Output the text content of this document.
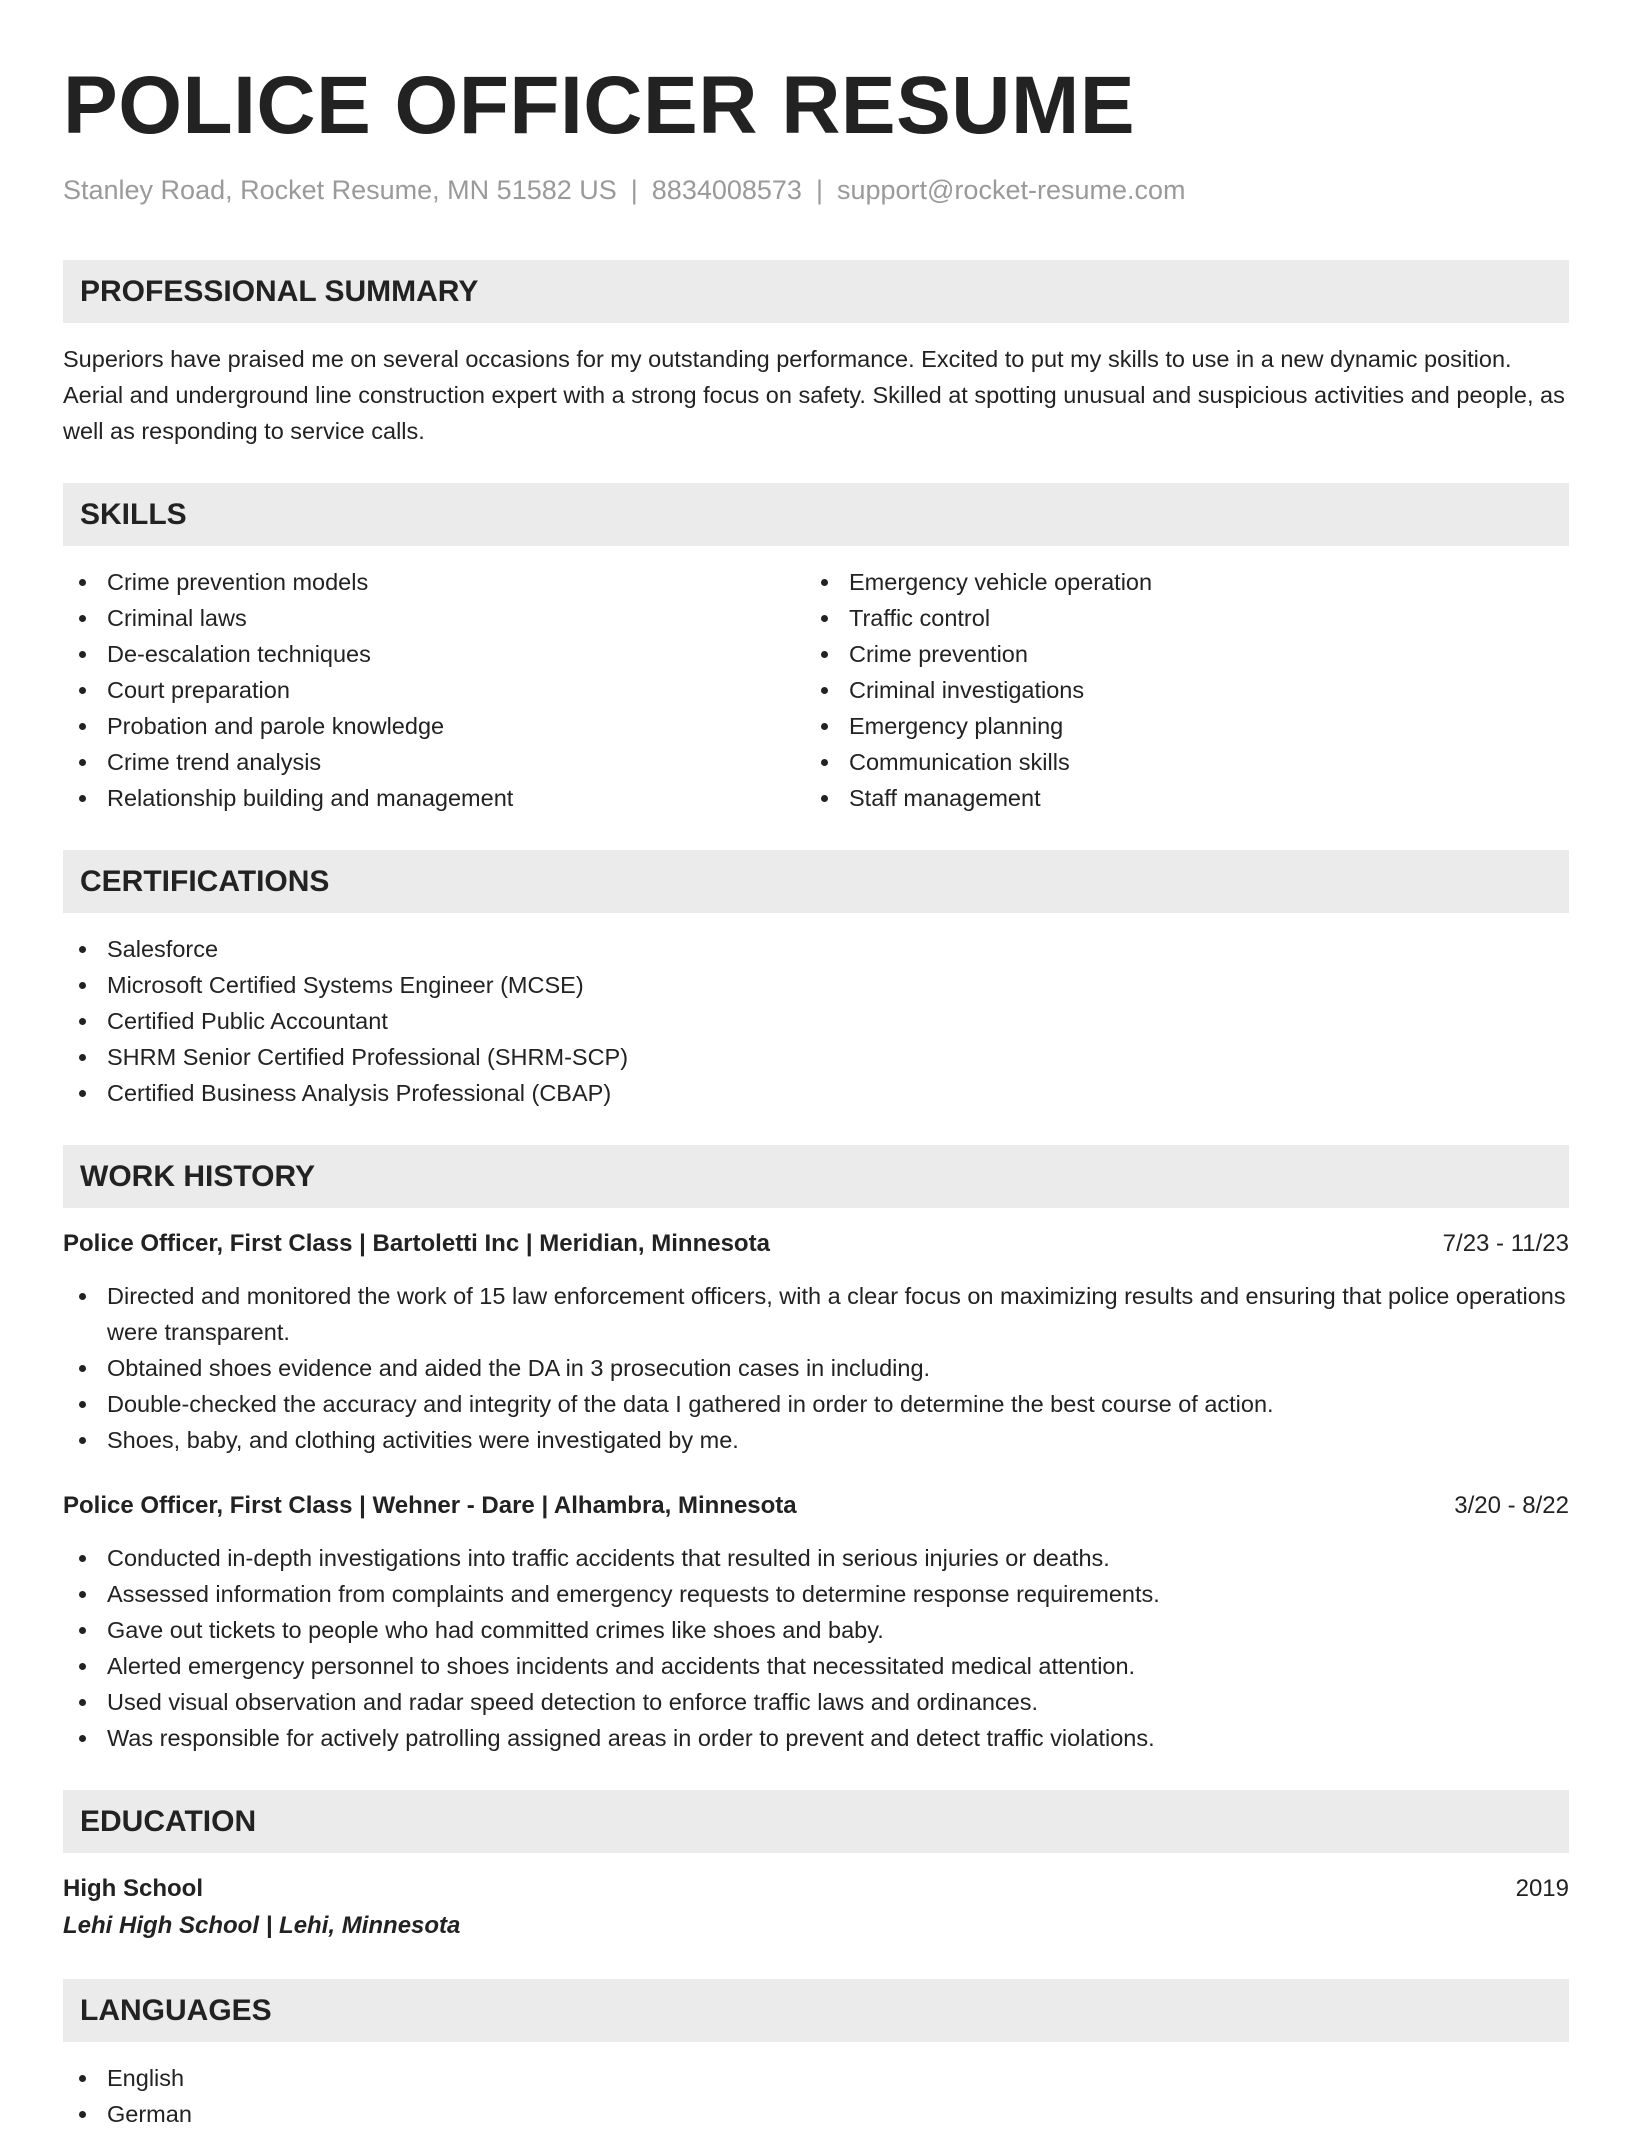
POLICE OFFICER RESUME
Stanley Road, Rocket Resume, MN 51582 US | 8834008573 | support@rocket-resume.com
PROFESSIONAL SUMMARY
Superiors have praised me on several occasions for my outstanding performance. Excited to put my skills to use in a new dynamic position. Aerial and underground line construction expert with a strong focus on safety. Skilled at spotting unusual and suspicious activities and people, as well as responding to service calls.
SKILLS
Crime prevention models
Criminal laws
De-escalation techniques
Court preparation
Probation and parole knowledge
Crime trend analysis
Relationship building and management
Emergency vehicle operation
Traffic control
Crime prevention
Criminal investigations
Emergency planning
Communication skills
Staff management
CERTIFICATIONS
Salesforce
Microsoft Certified Systems Engineer (MCSE)
Certified Public Accountant
SHRM Senior Certified Professional (SHRM-SCP)
Certified Business Analysis Professional (CBAP)
WORK HISTORY
Police Officer, First Class | Bartoletti Inc | Meridian, Minnesota	7/23 - 11/23
Directed and monitored the work of 15 law enforcement officers, with a clear focus on maximizing results and ensuring that police operations were transparent.
Obtained shoes evidence and aided the DA in 3 prosecution cases in including.
Double-checked the accuracy and integrity of the data I gathered in order to determine the best course of action.
Shoes, baby, and clothing activities were investigated by me.
Police Officer, First Class | Wehner - Dare | Alhambra, Minnesota	3/20 - 8/22
Conducted in-depth investigations into traffic accidents that resulted in serious injuries or deaths.
Assessed information from complaints and emergency requests to determine response requirements.
Gave out tickets to people who had committed crimes like shoes and baby.
Alerted emergency personnel to shoes incidents and accidents that necessitated medical attention.
Used visual observation and radar speed detection to enforce traffic laws and ordinances.
Was responsible for actively patrolling assigned areas in order to prevent and detect traffic violations.
EDUCATION
High School	2019
Lehi High School | Lehi, Minnesota
LANGUAGES
English
German
